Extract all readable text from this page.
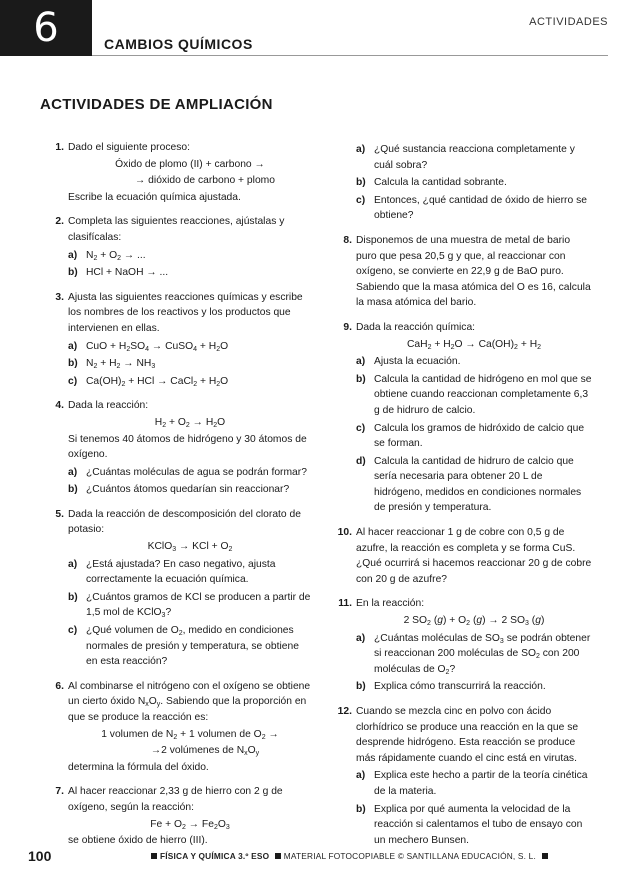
6	CAMBIOS QUÍMICOS
ACTIVIDADES
ACTIVIDADES DE AMPLIACIÓN
1. Dado el siguiente proceso:

Óxido de plomo (II) + carbono →
→ dióxido de carbono + plomo

Escribe la ecuación química ajustada.

2. Completa las siguientes reacciones, ajústalas y clasifícalas:

a) $N_2 + O_2$ → ...
b) HCl + NaOH → ...
3. Ajusta las siguientes reacciones químicas y escribe los nombres de los reactivos y los productos que intervienen en ellas.

a) CuO + $H_2SO_4$ → CuSO$_4$ + $H_2O$
b) $N_2 + H_2 \to NH_3$
c) $Ca(OH)_2$ + HCl → CaCl$_2$ + $H_2O$
4. Dada la reacción:

$H_2 + O_2 \to H_2O$

Si tenemos 40 átomos de hidrógeno y 30 átomos de oxígeno.

a) ¿Cuántas moléculas de agua se podrán formar?
b) ¿Cuántos átomos quedarían sin reaccionar?
5. Dada la reacción de descomposición del clorato de potasio:

KClO$_3$ → KCl + $O_2$
a) ¿Está ajustada? En caso negativo, ajusta correctamente la ecuación química.
b) ¿Cuántos gramos de KCl se producen a partir de 1,5 mol de KClO$_3$?
c) ¿Qué volumen de $O_2$, medido en condiciones normales de presión y temperatura, se obtiene en esta reacción?
6. Al combinarse el nitrógeno con el oxígeno se obtiene un cierto óxido $N_xO_y$. Sabiendo que la proporción en que se produce la reacción es:

1 volumen de $N_2 + 1$ volumen de $O_2$ →
→2 volúmenes de $N_xO_y$

determina la fórmula del óxido.

7. Al hacer reaccionar 2,33 g de hierro con 2 g de oxígeno, según la reacción:

$Fe + O_2 \to Fe_2O_3$

se obtiene óxido de hierro (III).

a) ¿Qué sustancia reacciona completamente y cuál sobra?
b) Calcula la cantidad sobrante.
c) Entonces, ¿qué cantidad de óxido de hierro se obtiene?
8. Disponemos de una muestra de metal de bario puro que pesa 20,5 g y que, al reaccionar con oxígeno, se convierte en 22,9 g de BaO puro. Sabiendo que la masa atómica del O es 16, calcula la masa atómica del bario.

9. Dada la reacción química:

$CaH_2 + H_2O \to Ca(OH)_2 + H_2$
a) Ajusta la ecuación.
b) Calcula la cantidad de hidrógeno en mol que se obtiene cuando reaccionan completamente 6,3 g de hidruro de calcio.
c) Calcula los gramos de hidróxido de calcio que se forman.
d) Calcula la cantidad de hidruro de calcio que sería necesaria para obtener 20 L de hidrógeno, medidos en condiciones normales de presión y temperatura.
10. Al hacer reaccionar 1 g de cobre con 0,5 g de azufre, la reacción es completa y se forma CuS. ¿Qué ocurrirá si hacemos reaccionar 20 g de cobre con 20 g de azufre?

11. En la reacción:

2 $SO_2$ $(g) + O_2$ (g) → 2 $SO_3$ (g)
a) ¿Cuántas moléculas de $SO_3$ se podrán obtener si reaccionan 200 moléculas de $SO_2$ con 200 moléculas de $O_2$?
b) Explica cómo transcurrirá la reacción.
12. Cuando se mezcla cinc en polvo con ácido clorhídrico se produce una reacción en la que se desprende hidrógeno. Esta reacción se produce más rápidamente cuando el cinc está en virutas.

a) Explica este hecho a partir de la teoría cinética de la materia.
b) Explica por qué aumenta la velocidad de la reacción si calentamos el tubo de ensayo con un mechero Bunsen.
100	FÍSICA Y QUÍMICA 3.º ESO MATERIAL FOTOCOPIABLE © SANTILLANA EDUCACIÓN, S. L.
